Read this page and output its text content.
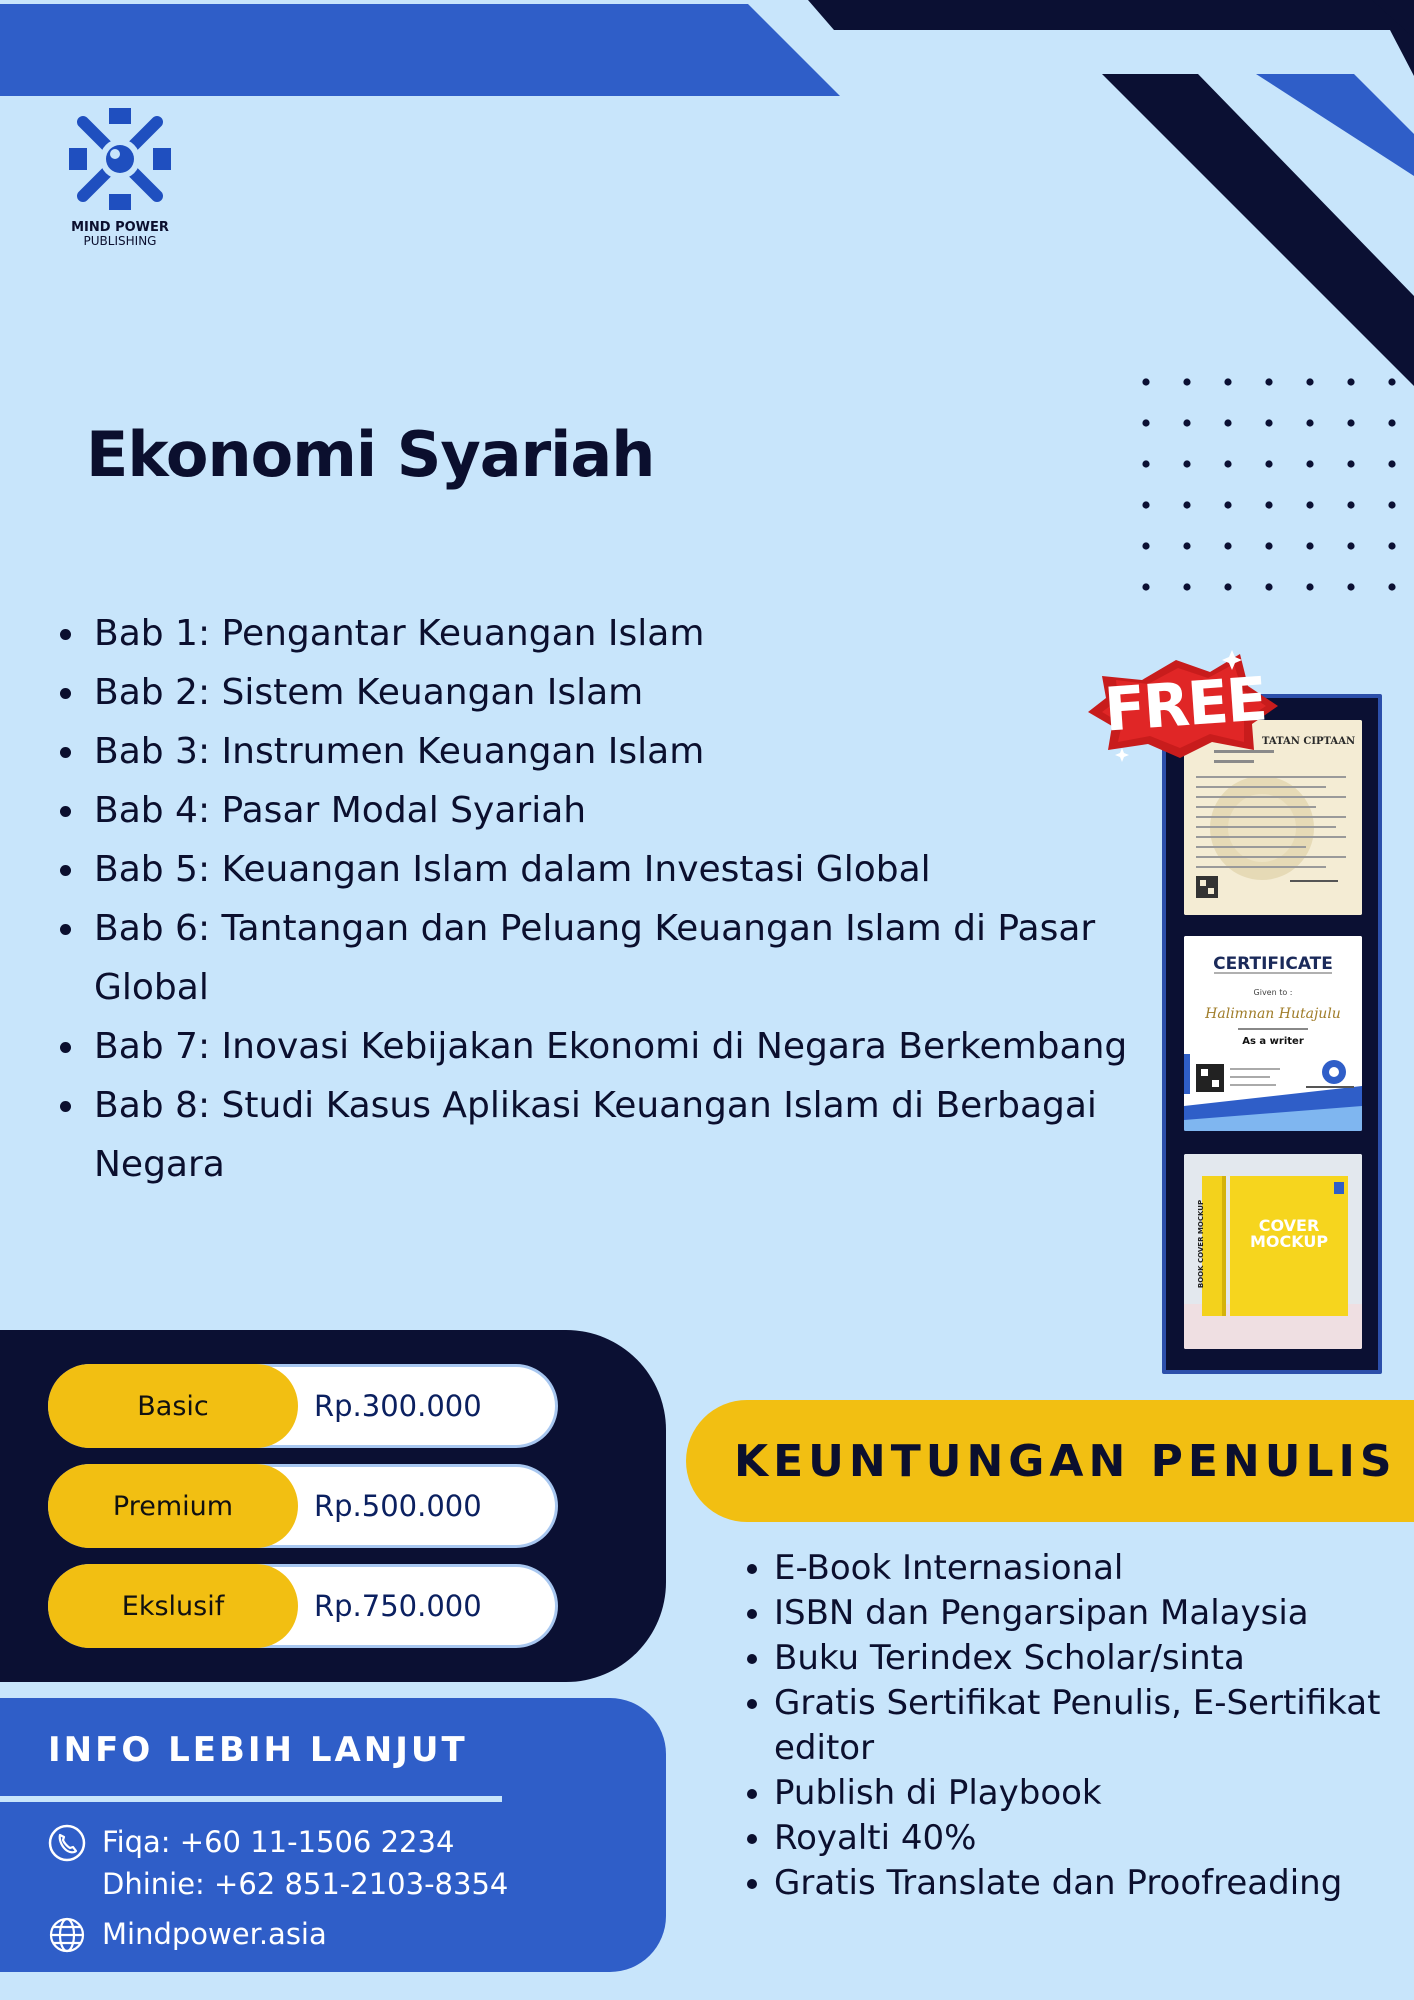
MIND POWER
PUBLISHING
Ekonomi Syariah
• Bab 1: Pengantar Keuangan Islam
• Bab 2: Sistem Keuangan Islam
• Bab 3: Instrumen Keuangan Islam
• Bab 4: Pasar Modal Syariah
• Bab 5: Keuangan Islam dalam Investasi Global
• Bab 6: Tantangan dan Peluang Keuangan Islam di Pasar Global
• Bab 7: Inovasi Kebijakan Ekonomi di Negara Berkembang
• Bab 8: Studi Kasus Aplikasi Keuangan Islam di Berbagai Negara
TATAN CIPTAAN
CERTIFICATE
Given to :
Halimnan Hutajulu
As a writer
COVER
MOCKUP
BOOK COVER MOCKUP
FREE
Basic	Rp.300.000
Premium	Rp.500.000
Ekslusif	Rp.750.000
INFO LEBIH LANJUT
Fiqa: +60 11-1506 2234
Dhinie: +62 851-2103-8354
Mindpower.asia
KEUNTUNGAN PENULIS
• E-Book Internasional
• ISBN dan Pengarsipan Malaysia
• Buku Terindex Scholar/sinta
• Gratis Sertifikat Penulis, E-Sertifikat editor
• Publish di Playbook
• Royalti 40%
• Gratis Translate dan Proofreading
